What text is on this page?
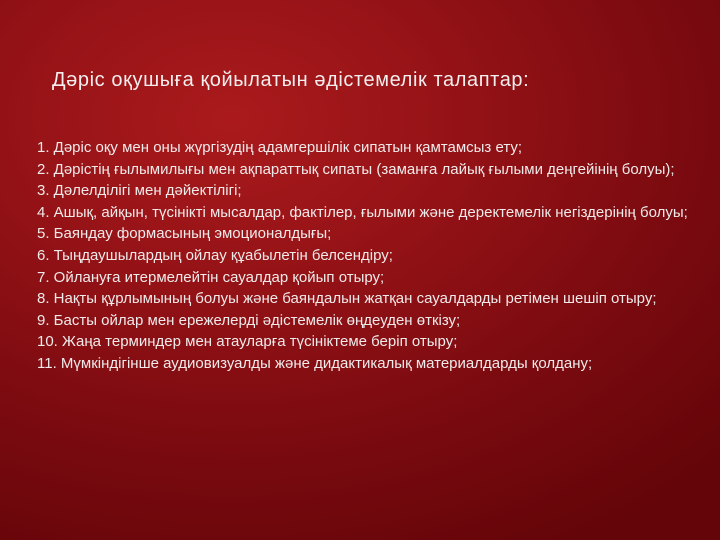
Дәріс оқушыға қойылатын әдістемелік талаптар:
1. Дәріс оқу мен оны жүргізудің адамгершілік сипатын қамтамсыз ету;
2. Дәрістің ғылымилығы мен ақпараттық сипаты (заманға лайық ғылыми деңгейінің болуы);
3. Дәлелділігі мен дәйектілігі;
4. Ашық, айқын, түсінікті мысалдар, фактілер, ғылыми және деректемелік негіздерінің болуы;
5. Баяндау формасының эмоционалдығы;
6. Тыңдаушылардың ойлау құабылетін белсендіру;
7. Ойлануға итермелейтін сауалдар қойып отыру;
8. Нақты құрлымының болуы және баяндалын жатқан сауалдарды ретімен шешіп отыру;
9. Басты ойлар мен ережелерді әдістемелік өңдеуден өткізу;
10. Жаңа терминдер мен атауларға түсініктеме беріп отыру;
11. Мүмкіндігінше аудиовизуалды және дидактикалық материалдарды қолдану;
